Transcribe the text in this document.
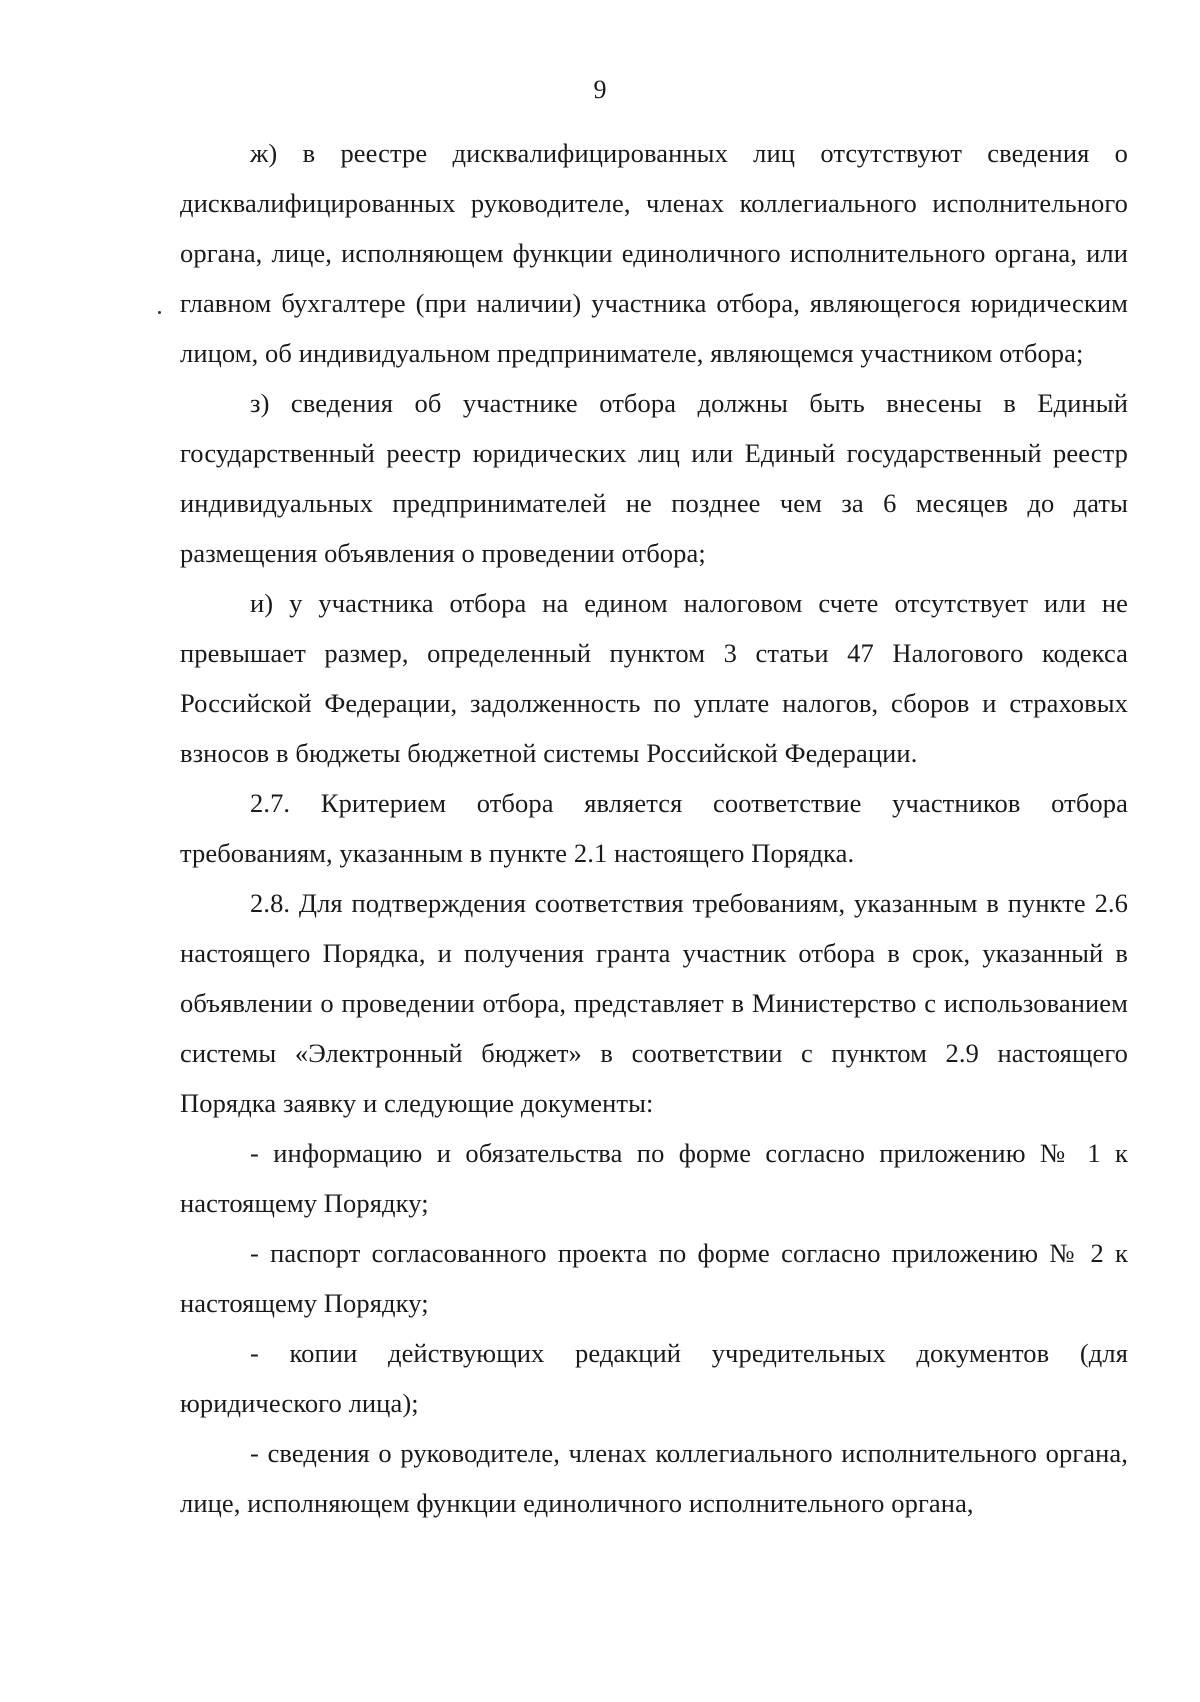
9

ж) в реестре дисквалифицированных лиц отсутствуют сведения о дисквалифицированных руководителе, членах коллегиального исполнительного органа, лице, исполняющем функции единоличного исполнительного органа, или главном бухгалтере (при наличии) участника отбора, являющегося юридическим лицом, об индивидуальном предпринимателе, являющемся участником отбора;

з) сведения об участнике отбора должны быть внесены в Единый государственный реестр юридических лиц или Единый государственный реестр индивидуальных предпринимателей не позднее чем за 6 месяцев до даты размещения объявления о проведении отбора;

и) у участника отбора на едином налоговом счете отсутствует или не превышает размер, определенный пунктом 3 статьи 47 Налогового кодекса Российской Федерации, задолженность по уплате налогов, сборов и страховых взносов в бюджеты бюджетной системы Российской Федерации.

2.7. Критерием отбора является соответствие участников отбора требованиям, указанным в пункте 2.1 настоящего Порядка.

2.8. Для подтверждения соответствия требованиям, указанным в пункте 2.6 настоящего Порядка, и получения гранта участник отбора в срок, указанный в объявлении о проведении отбора, представляет в Министерство с использованием системы «Электронный бюджет» в соответствии с пунктом 2.9 настоящего Порядка заявку и следующие документы:

- информацию и обязательства по форме согласно приложению № 1 к настоящему Порядку;

- паспорт согласованного проекта по форме согласно приложению № 2 к настоящему Порядку;

- копии действующих редакций учредительных документов (для юридического лица);

- сведения о руководителе, членах коллегиального исполнительного органа, лице, исполняющем функции единоличного исполнительного органа,
